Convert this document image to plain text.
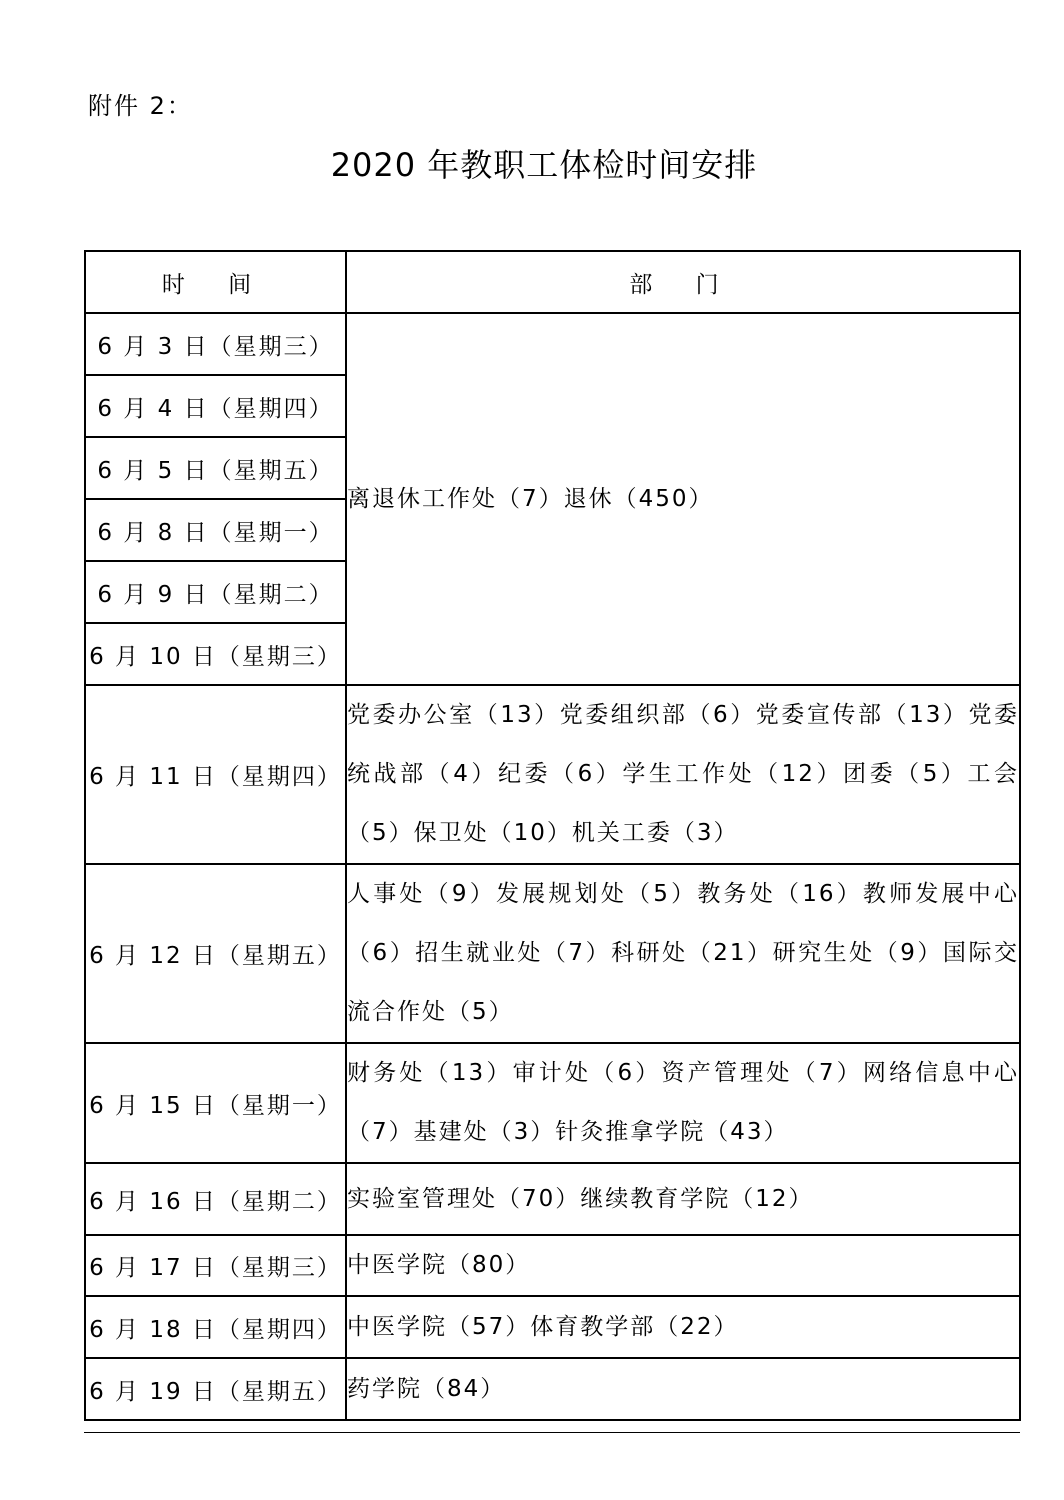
附件 2：
2020 年教职工体检时间安排
时 间	部 门
6 月 3 日（星期三）	离退休工作处（7）退休（450）
6 月 4 日（星期四）	
6 月 5 日（星期五）	
6 月 8 日（星期一）	
6 月 9 日（星期二）	
6 月 10 日（星期三）	
6 月 11 日（星期四）	党委办公室（13）党委组织部（6）党委宣传部（13）党委统战部（4）纪委（6）学生工作处（12）团委（5）工会（5）保卫处（10）机关工委（3）
6 月 12 日（星期五）	人事处（9）发展规划处（5）教务处（16）教师发展中心（6）招生就业处（7）科研处（21）研究生处（9）国际交流合作处（5）
6 月 15 日（星期一）	财务处（13）审计处（6）资产管理处（7）网络信息中心（7）基建处（3）针灸推拿学院（43）
6 月 16 日（星期二）	实验室管理处（70）继续教育学院（12）
6 月 17 日（星期三）	中医学院（80）
6 月 18 日（星期四）	中医学院（57）体育教学部（22）
6 月 19 日（星期五）	药学院（84）
